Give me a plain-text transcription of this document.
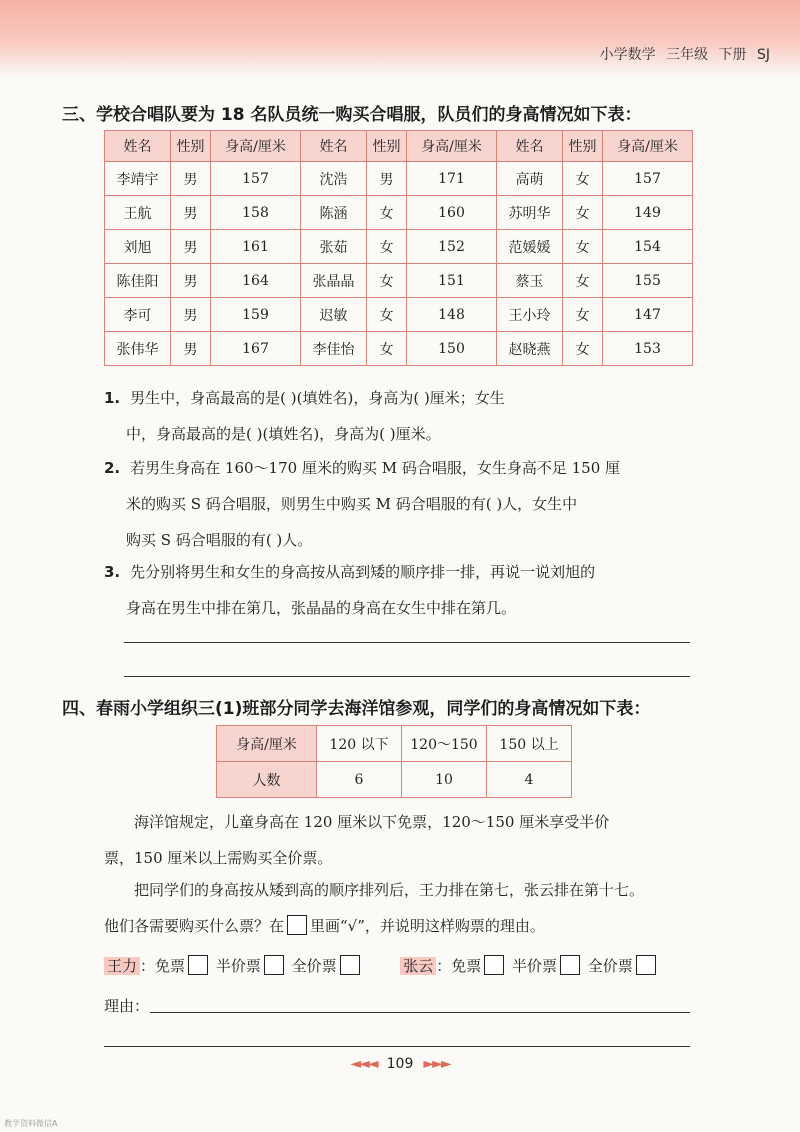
小学数学 三年级 下册 SJ
三、学校合唱队要为 18 名队员统一购买合唱服，队员们的身高情况如下表：
姓名	性别	身高/厘米	姓名	性别	身高/厘米	姓名	性别	身高/厘米
李靖宇	男	157	沈浩	男	171	高萌	女	157
王航	男	158	陈涵	女	160	苏明华	女	149
刘旭	男	161	张茹	女	152	范媛媛	女	154
陈佳阳	男	164	张晶晶	女	151	蔡玉	女	155
李可	男	159	迟敏	女	148	王小玲	女	147
张伟华	男	167	李佳怡	女	150	赵晓燕	女	153
1. 男生中，身高最高的是( )(填姓名)，身高为( )厘米；女生
中，身高最高的是( )(填姓名)，身高为( )厘米。
2. 若男生身高在 160～170 厘米的购买 M 码合唱服，女生身高不足 150 厘
米的购买 S 码合唱服，则男生中购买 M 码合唱服的有( )人，女生中
购买 S 码合唱服的有( )人。
3. 先分别将男生和女生的身高按从高到矮的顺序排一排，再说一说刘旭的
身高在男生中排在第几，张晶晶的身高在女生中排在第几。
四、春雨小学组织三(1)班部分同学去海洋馆参观，同学们的身高情况如下表：
身高/厘米	120 以下	120～150	150 以上
人数	6	10	4
海洋馆规定，儿童身高在 120 厘米以下免票，120～150 厘米享受半价
票，150 厘米以上需购买全价票。
把同学们的身高按从矮到高的顺序排列后，王力排在第七，张云排在第十七。
他们各需要购买什么票？在 里画“√”，并说明这样购票的理由。
王力 ：免票 半价票 全价票	张云 ：免票 半价票 全价票
理由：
◄◄◄ 109 ►►►
教学资料微信A
